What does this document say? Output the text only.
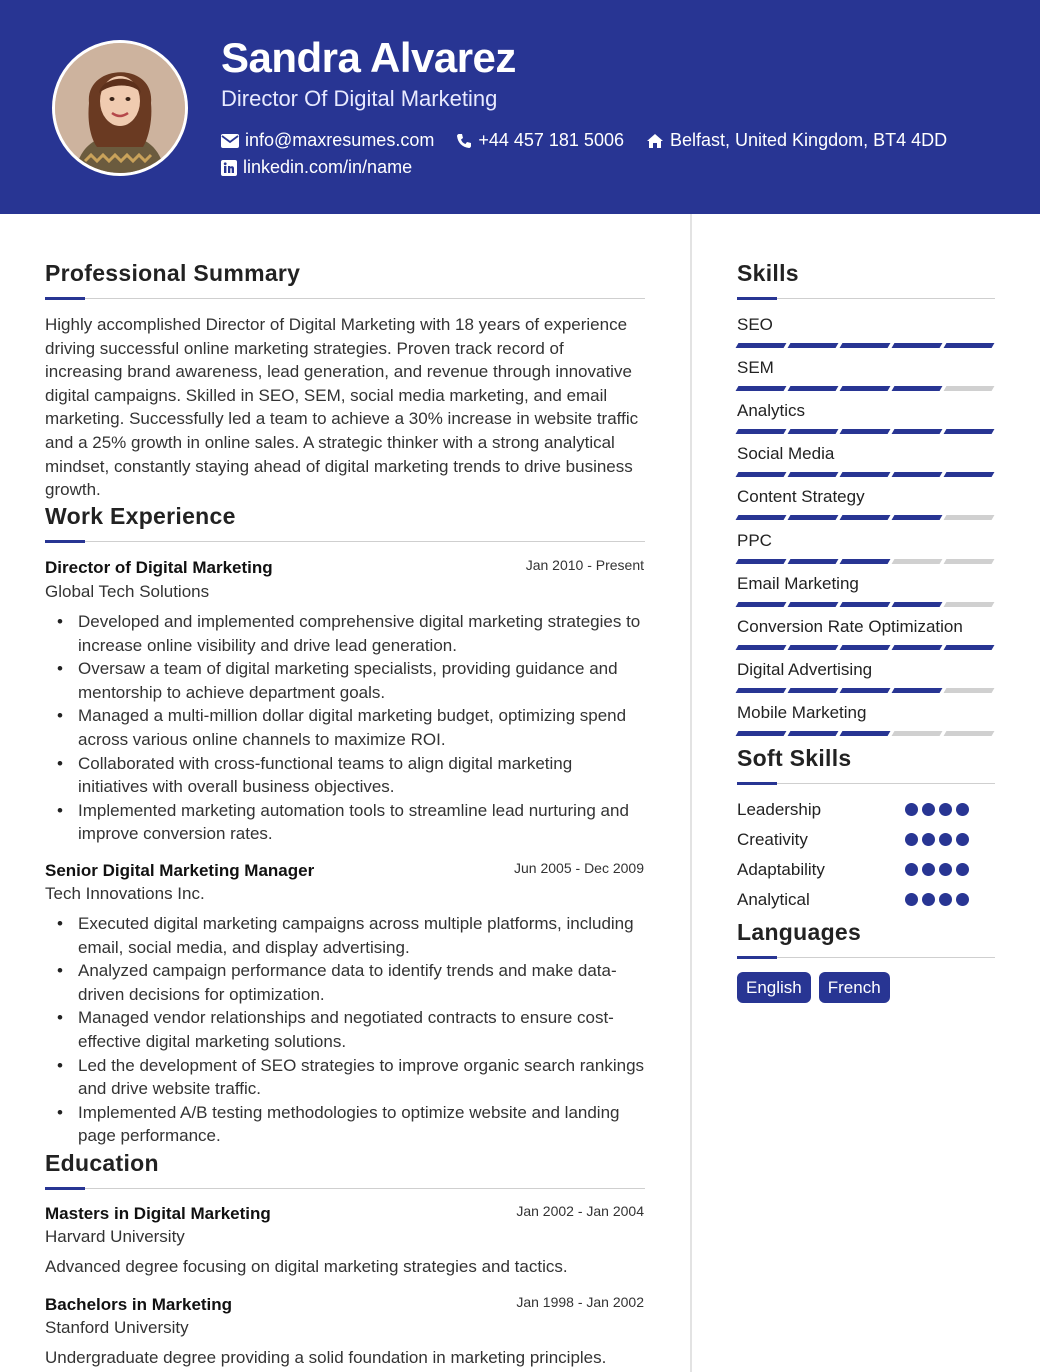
Sandra Alvarez
Director Of Digital Marketing
info@maxresumes.com +44 457 181 5006	Belfast, United Kingdom, BT4 4DD
linkedin.com/in/name
Professional Summary
Highly accomplished Director of Digital Marketing with 18 years of experience driving successful online marketing strategies. Proven track record of increasing brand awareness, lead generation, and revenue through innovative digital campaigns. Skilled in SEO, SEM, social media marketing, and email marketing. Successfully led a team to achieve a 30% increase in website traffic and a 25% growth in online sales. A strategic thinker with a strong analytical mindset, constantly staying ahead of digital marketing trends to drive business growth.
Work Experience
Director of Digital Marketing	Jan 2010 - Present
Global Tech Solutions
• Developed and implemented comprehensive digital marketing strategies to increase online visibility and drive lead generation.
• Oversaw a team of digital marketing specialists, providing guidance and mentorship to achieve department goals.
• Managed a multi-million dollar digital marketing budget, optimizing spend across various online channels to maximize ROI.
• Collaborated with cross-functional teams to align digital marketing initiatives with overall business objectives.
• Implemented marketing automation tools to streamline lead nurturing and improve conversion rates.
Senior Digital Marketing Manager	Jun 2005 - Dec 2009
Tech Innovations Inc.
• Executed digital marketing campaigns across multiple platforms, including email, social media, and display advertising.
• Analyzed campaign performance data to identify trends and make data-driven decisions for optimization.
• Managed vendor relationships and negotiated contracts to ensure cost-effective digital marketing solutions.
• Led the development of SEO strategies to improve organic search rankings and drive website traffic.
• Implemented A/B testing methodologies to optimize website and landing page performance.
Education
Masters in Digital Marketing	Jan 2002 - Jan 2004
Harvard University
Advanced degree focusing on digital marketing strategies and tactics.
Bachelors in Marketing	Jan 1998 - Jan 2002
Stanford University
Undergraduate degree providing a solid foundation in marketing principles.
Skills
SEO
SEM
Analytics
Social Media
Content Strategy
PPC
Email Marketing
Conversion Rate Optimization
Digital Advertising
Mobile Marketing
Soft Skills
Leadership
Creativity
Adaptability
Analytical
Languages
English	French
